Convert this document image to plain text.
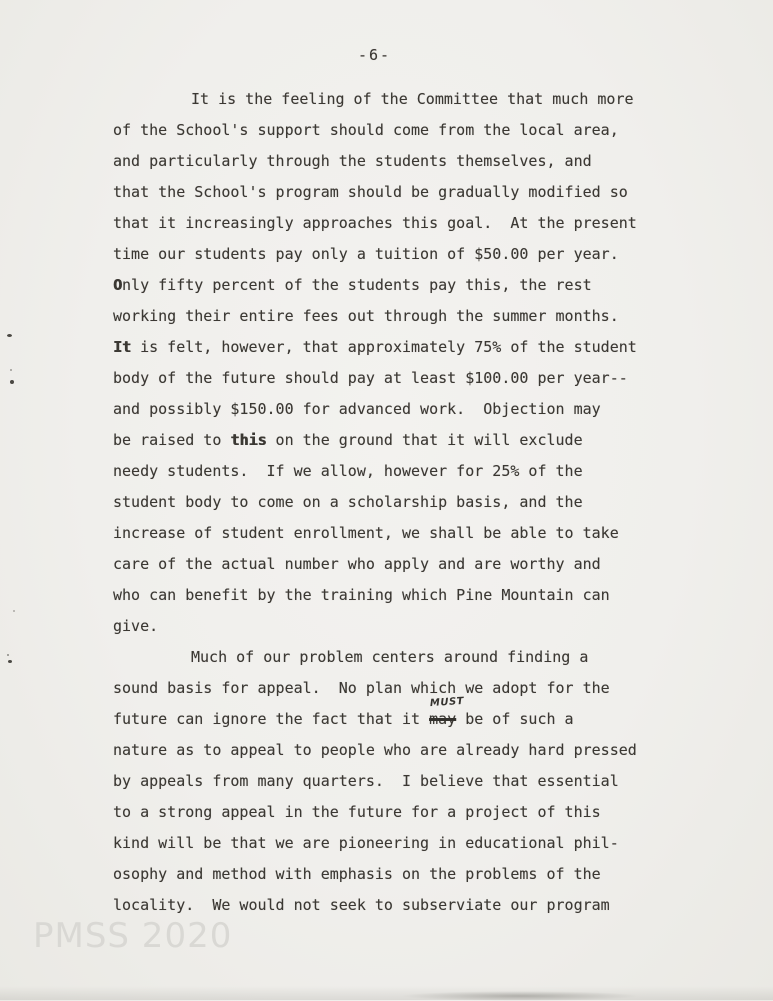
-6-
It is the feeling of the Committee that much more
of the School's support should come from the local area,
and particularly through the students themselves, and
that the School's program should be gradually modified so
that it increasingly approaches this goal.  At the present
time our students pay only a tuition of $50.00 per year.
Only fifty percent of the students pay this, the rest
working their entire fees out through the summer months.
It is felt, however, that approximately 75% of the student
body of the future should pay at least $100.00 per year--
and possibly $150.00 for advanced work.  Objection may
be raised to this on the ground that it will exclude
needy students.  If we allow, however for 25% of the
student body to come on a scholarship basis, and the
increase of student enrollment, we shall be able to take
care of the actual number who apply and are worthy and
who can benefit by the training which Pine Mountain can
give.
Much of our problem centers around finding a
sound basis for appeal.  No plan which we adopt for the
future can ignore the fact that it may
MUST
be of such a
nature as to appeal to people who are already hard pressed
by appeals from many quarters.  I believe that essential
to a strong appeal in the future for a project of this
kind will be that we are pioneering in educational phil-
osophy and method with emphasis on the problems of the
locality.  We would not seek to subserviate our program
PMSS 2020
